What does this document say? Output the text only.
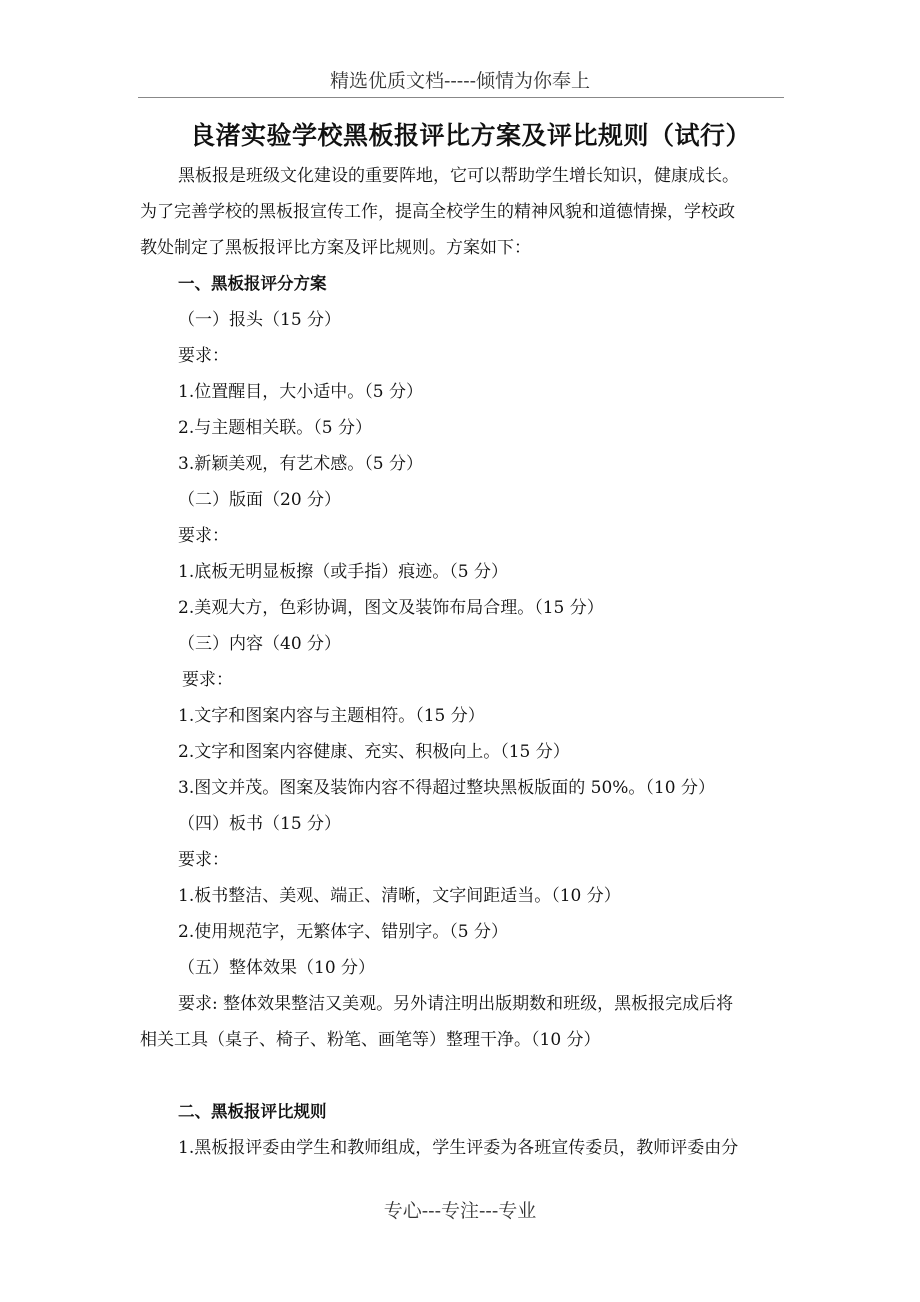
精选优质文档-----倾情为你奉上
良渚实验学校黑板报评比方案及评比规则（试行）
黑板报是班级文化建设的重要阵地，它可以帮助学生增长知识，健康成长。
为了完善学校的黑板报宣传工作，提高全校学生的精神风貌和道德情操，学校政
教处制定了黑板报评比方案及评比规则。方案如下：
一、黑板报评分方案
（一）报头（15 分）
要求：
1.位置醒目，大小适中。（5 分）
2.与主题相关联。（5 分）
3.新颖美观，有艺术感。（5 分）
（二）版面（20 分）
要求：
1.底板无明显板擦（或手指）痕迹。（5 分）
2.美观大方，色彩协调，图文及装饰布局合理。（15 分）
（三）内容（40 分）
要求：
1.文字和图案内容与主题相符。（15 分）
2.文字和图案内容健康、充实、积极向上。（15 分）
3.图文并茂。图案及装饰内容不得超过整块黑板版面的 50%。（10 分）
（四）板书（15 分）
要求：
1.板书整洁、美观、端正、清晰，文字间距适当。（10 分）
2.使用规范字，无繁体字、错别字。（5 分）
（五）整体效果（10 分）
要求: 整体效果整洁又美观。另外请注明出版期数和班级，黑板报完成后将
相关工具（桌子、椅子、粉笔、画笔等）整理干净。（10 分）
二、黑板报评比规则
1.黑板报评委由学生和教师组成，学生评委为各班宣传委员，教师评委由分
专心---专注---专业
